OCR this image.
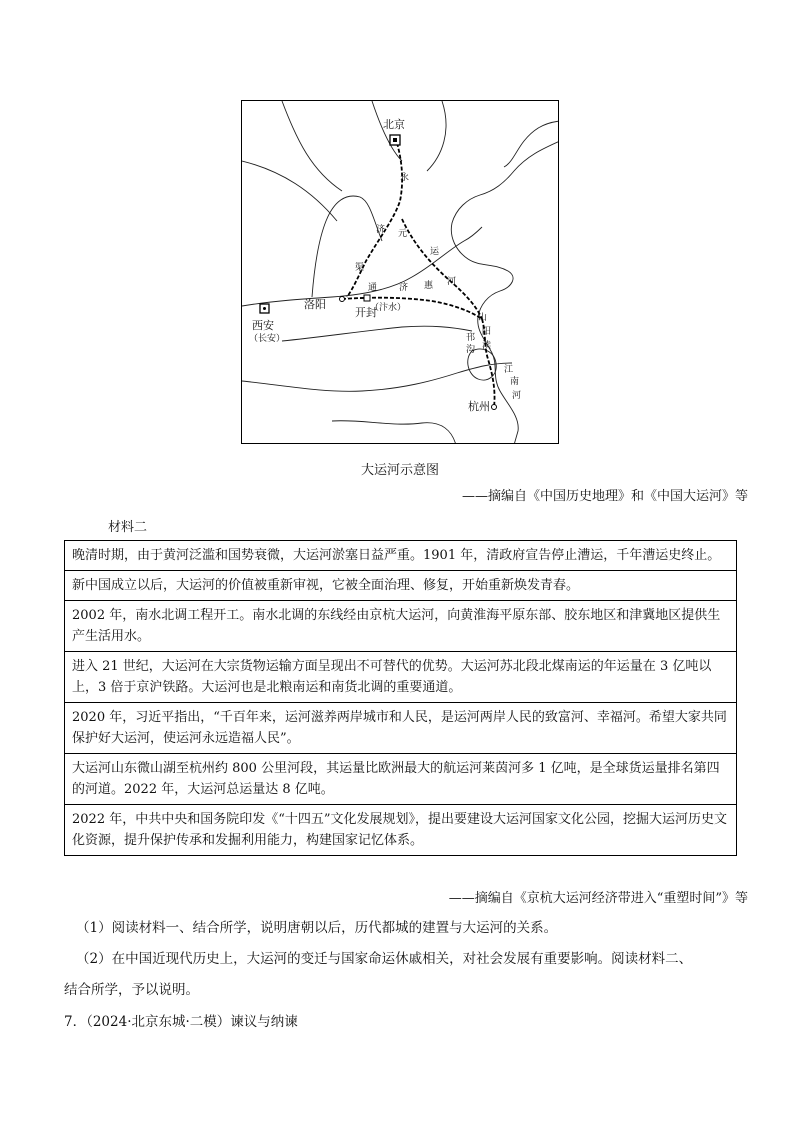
北京
洛阳
开封
西安
（长安）
杭州
永
济
渠
元
运
河
通 济 惠
（汴水）
山
阳
渎
邗
沟
江
南
河
大运河示意图
——摘编自《中国历史地理》和《中国大运河》等
材料二
晚清时期，由于黄河泛滥和国势衰微，大运河淤塞日益严重。1901 年，清政府宣告停止漕运，千年漕运史终止。
新中国成立以后，大运河的价值被重新审视，它被全面治理、修复，开始重新焕发青春。
2002 年，南水北调工程开工。南水北调的东线经由京杭大运河，向黄淮海平原东部、胶东地区和津冀地区提供生产生活用水。
进入 21 世纪，大运河在大宗货物运输方面呈现出不可替代的优势。大运河苏北段北煤南运的年运量在 3 亿吨以上，3 倍于京沪铁路。大运河也是北粮南运和南货北调的重要通道。
2020 年，习近平指出，“千百年来，运河滋养两岸城市和人民，是运河两岸人民的致富河、幸福河。希望大家共同保护好大运河，使运河永远造福人民”。
大运河山东微山湖至杭州约 800 公里河段，其运量比欧洲最大的航运河莱茵河多 1 亿吨，是全球货运量排名第四的河道。2022 年，大运河总运量达 8 亿吨。
2022 年，中共中央和国务院印发《“十四五”文化发展规划》，提出要建设大运河国家文化公园，挖掘大运河历史文化资源，提升保护传承和发掘利用能力，构建国家记忆体系。
——摘编自《京杭大运河经济带进入“重塑时间”》等
（1）阅读材料一、结合所学，说明唐朝以后，历代都城的建置与大运河的关系。
（2）在中国近现代历史上，大运河的变迁与国家命运休戚相关，对社会发展有重要影响。阅读材料二、
结合所学，予以说明。
7．（2024·北京东城·二模）谏议与纳谏
